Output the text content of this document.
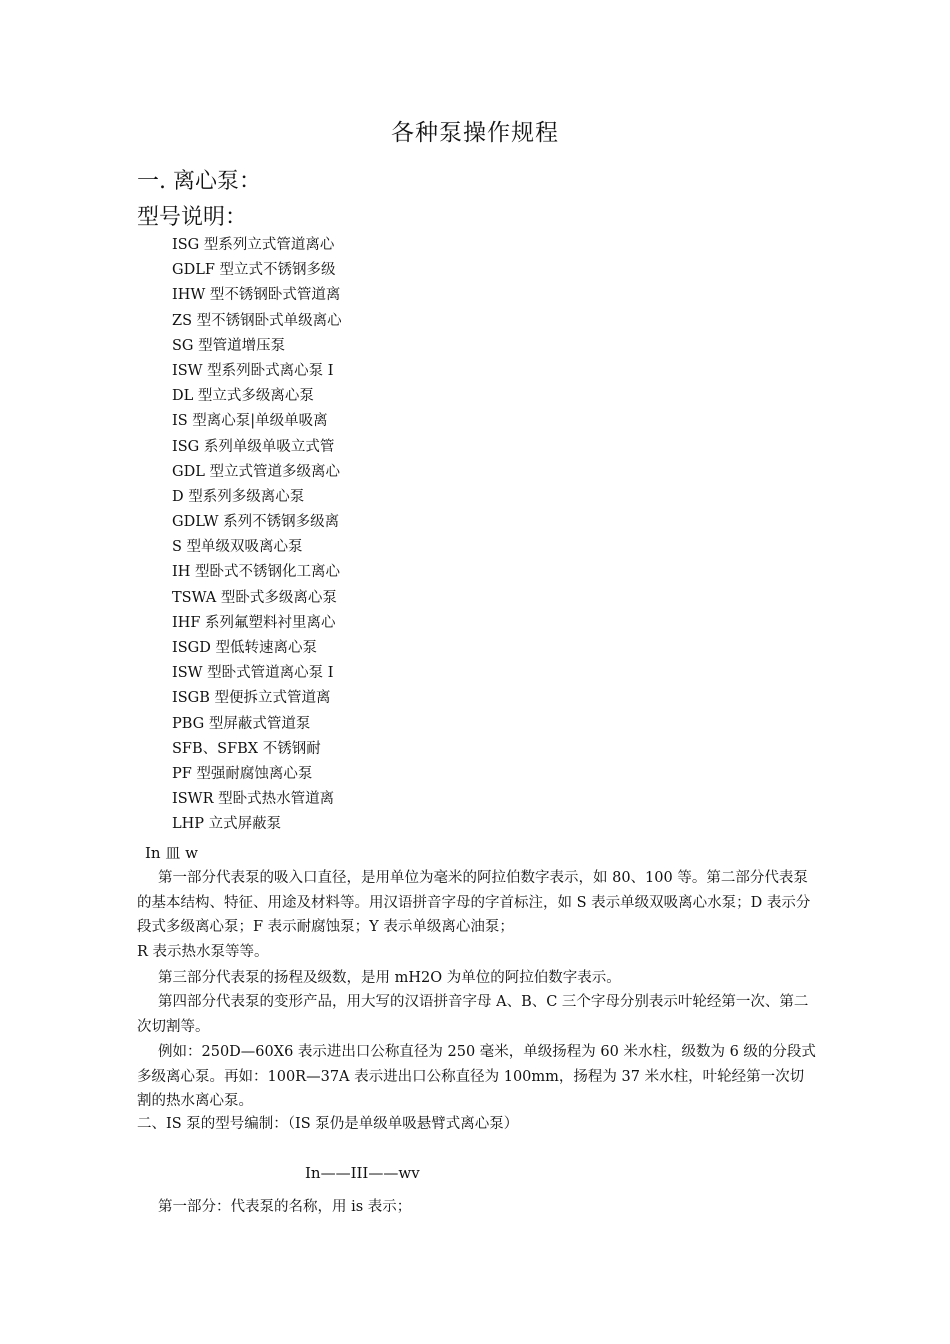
各种泵操作规程
一. 离心泵：
型号说明：
ISG 型系列立式管道离心
GDLF 型立式不锈钢多级
IHW 型不锈钢卧式管道离
ZS 型不锈钢卧式单级离心
SG 型管道增压泵
ISW 型系列卧式离心泵 I
DL 型立式多级离心泵
IS 型离心泵|单级单吸离
ISG 系列单级单吸立式管
GDL 型立式管道多级离心
D 型系列多级离心泵
GDLW 系列不锈钢多级离
S 型单级双吸离心泵
IH 型卧式不锈钢化工离心
TSWA 型卧式多级离心泵
IHF 系列氟塑料衬里离心
ISGD 型低转速离心泵
ISW 型卧式管道离心泵 I
ISGB 型便拆立式管道离
PBG 型屏蔽式管道泵
SFB、SFBX 不锈钢耐
PF 型强耐腐蚀离心泵
ISWR 型卧式热水管道离
LHP 立式屏蔽泵
In 皿 w
第一部分代表泵的吸入口直径，是用单位为毫米的阿拉伯数字表示，如 80、100 等。第二部分代表泵的基本结构、特征、用途及材料等。用汉语拼音字母的字首标注，如 S 表示单级双吸离心水泵；D 表示分段式多级离心泵；F 表示耐腐蚀泵；Y 表示单级离心油泵；
R 表示热水泵等等。
第三部分代表泵的扬程及级数，是用 mH2O 为单位的阿拉伯数字表示。
第四部分代表泵的变形产品，用大写的汉语拼音字母 A、B、C 三个字母分别表示叶轮经第一次、第二次切割等。
例如：250D—60X6 表示进出口公称直径为 250 毫米，单级扬程为 60 米水柱，级数为 6 级的分段式多级离心泵。再如：100R—37A 表示进出口公称直径为 100mm，扬程为 37 米水柱，叶轮经第一次切割的热水离心泵。
二、IS 泵的型号编制：（IS 泵仍是单级单吸悬臂式离心泵）
In——III——wv
第一部分：代表泵的名称，用 is 表示；
